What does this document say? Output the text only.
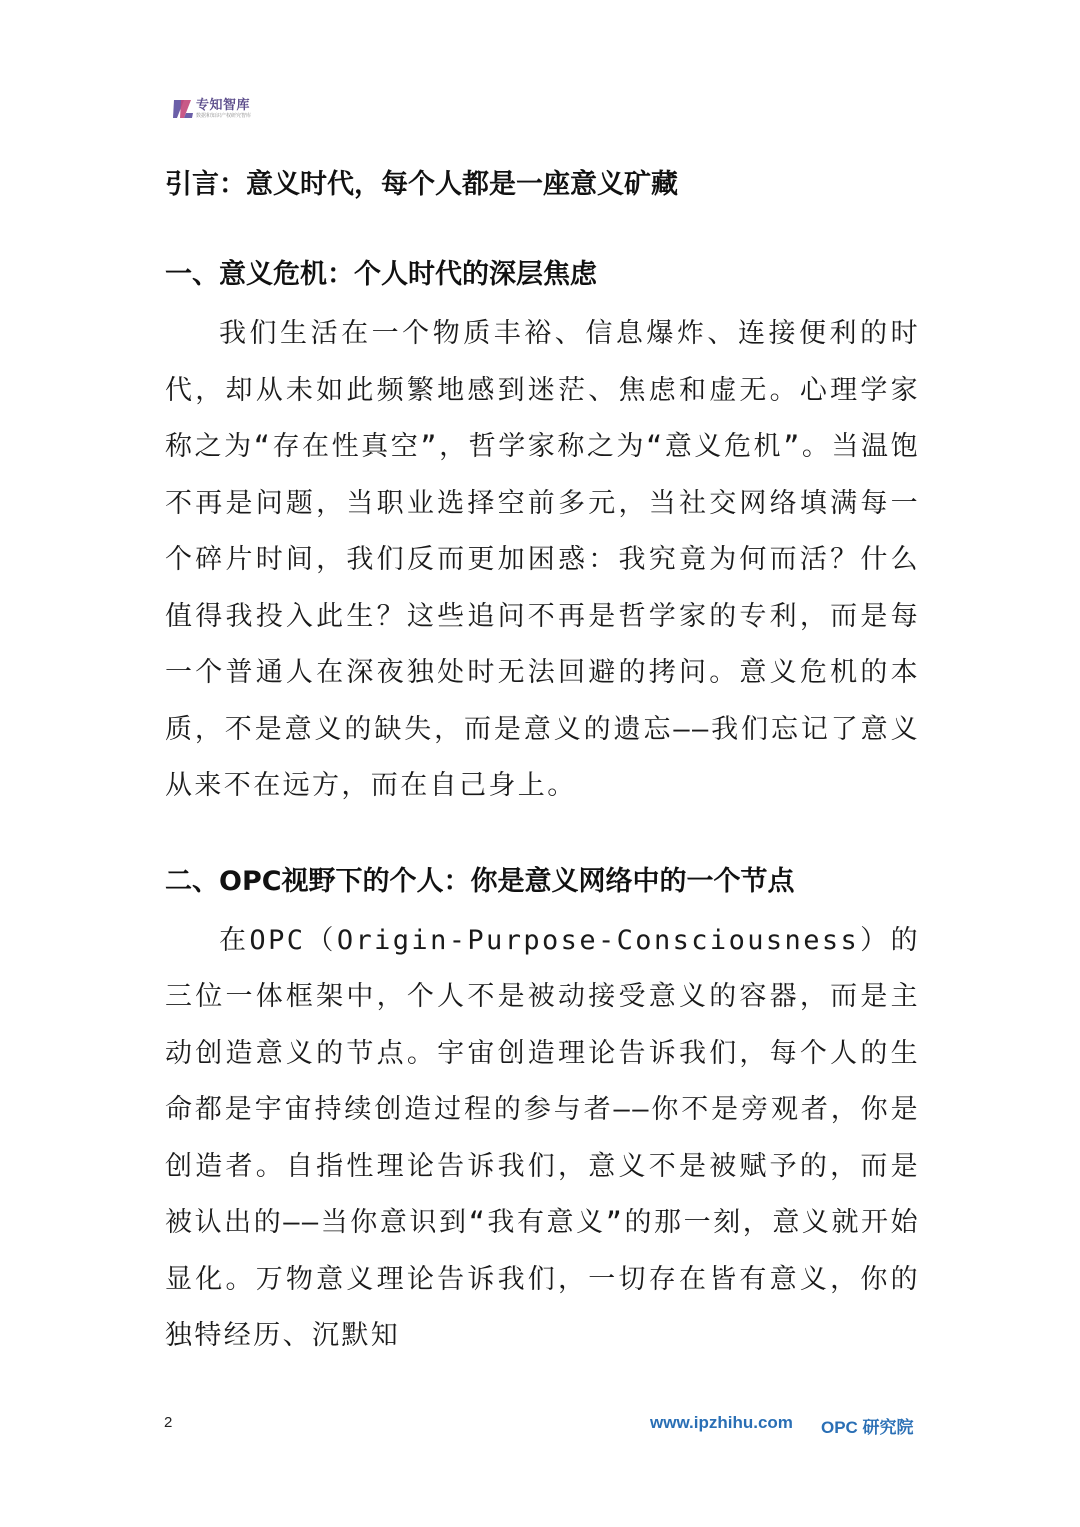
专知智库
数据和知识产权研究智库
引言：意义时代，每个人都是一座意义矿藏
一、意义危机：个人时代的深层焦虑

我们生活在一个物质丰裕、信息爆炸、连接便利的时代，却从未如此频繁地感到迷茫、焦虑和虚无。心理学家称之为“存在性真空”，哲学家称之为“意义危机”。当温饱不再是问题，当职业选择空前多元，当社交网络填满每一个碎片时间，我们反而更加困惑：我究竟为何而活？什么值得我投入此生？这些追问不再是哲学家的专利，而是每一个普通人在深夜独处时无法回避的拷问。意义危机的本质，不是意义的缺失，而是意义的遗忘——我们忘记了意义从来不在远方，而在自己身上。

二、OPC视野下的个人：你是意义网络中的一个节点

在OPC（Origin-Purpose-Consciousness）的三位一体框架中，个人不是被动接受意义的容器，而是主动创造意义的节点。宇宙创造理论告诉我们，每个人的生命都是宇宙持续创造过程的参与者——你不是旁观者，你是创造者。自指性理论告诉我们，意义不是被赋予的，而是被认出的——当你意识到“我有意义”的那一刻，意义就开始显化。万物意义理论告诉我们，一切存在皆有意义，你的独特经历、沉默知

2	www.ipzhihu.com OPC 研究院
